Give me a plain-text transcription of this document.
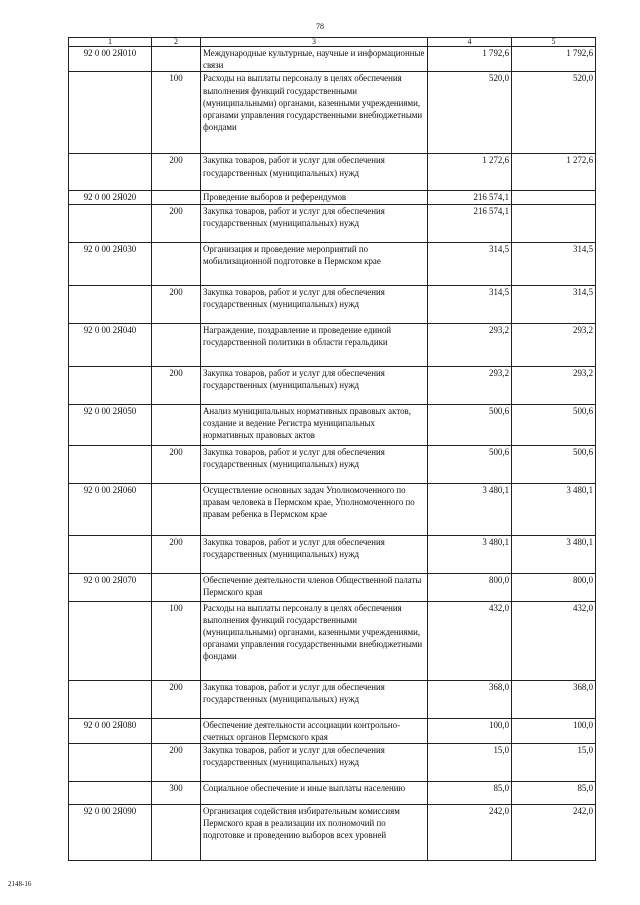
78
1	2	3	4	5
92 0 00 2Я010		Международные культурные, научные и информационные связи	1 792,6	1 792,6
	100	Расходы на выплаты персоналу в целях обеспечения выполнения функций государственными (муниципальными) органами, казенными учреждениями, органами управления государственными внебюджетными фондами	520,0	520,0
	200	Закупка товаров, работ и услуг для обеспечения государственных (муниципальных) нужд	1 272,6	1 272,6
92 0 00 2Я020		Проведение выборов и референдумов	216 574,1	
	200	Закупка товаров, работ и услуг для обеспечения государственных (муниципальных) нужд	216 574,1	
92 0 00 2Я030		Организация и проведение мероприятий по мобилизационной подготовке в Пермском крае	314,5	314,5
	200	Закупка товаров, работ и услуг для обеспечения государственных (муниципальных) нужд	314,5	314,5
92 0 00 2Я040		Награждение, поздравление и проведение единой государственной политики в области геральдики	293,2	293,2
	200	Закупка товаров, работ и услуг для обеспечения государственных (муниципальных) нужд	293,2	293,2
92 0 00 2Я050		Анализ муниципальных нормативных правовых актов, создание и ведение Регистра муниципальных нормативных правовых актов	500,6	500,6
	200	Закупка товаров, работ и услуг для обеспечения государственных (муниципальных) нужд	500,6	500,6
92 0 00 2Я060		Осуществление основных задач Уполномоченного по правам человека в Пермском крае, Уполномоченного по правам ребенка в Пермском крае	3 480,1	3 480,1
	200	Закупка товаров, работ и услуг для обеспечения государственных (муниципальных) нужд	3 480,1	3 480,1
92 0 00 2Я070		Обеспечение деятельности членов Общественной палаты Пермского края	800,0	800,0
	100	Расходы на выплаты персоналу в целях обеспечения выполнения функций государственными (муниципальными) органами, казенными учреждениями, органами управления государственными внебюджетными фондами	432,0	432,0
	200	Закупка товаров, работ и услуг для обеспечения государственных (муниципальных) нужд	368,0	368,0
92 0 00 2Я080		Обеспечение деятельности ассоциации контрольно-счетных органов Пермского края	100,0	100,0
	200	Закупка товаров, работ и услуг для обеспечения государственных (муниципальных) нужд	15,0	15,0
	300	Социальное обеспечение и иные выплаты населению	85,0	85,0
92 0 00 2Я090		Организация содействия избирательным комиссиям Пермского края в реализации их полномочий по подготовке и проведению выборов всех уровней	242,0	242,0
2148-16
